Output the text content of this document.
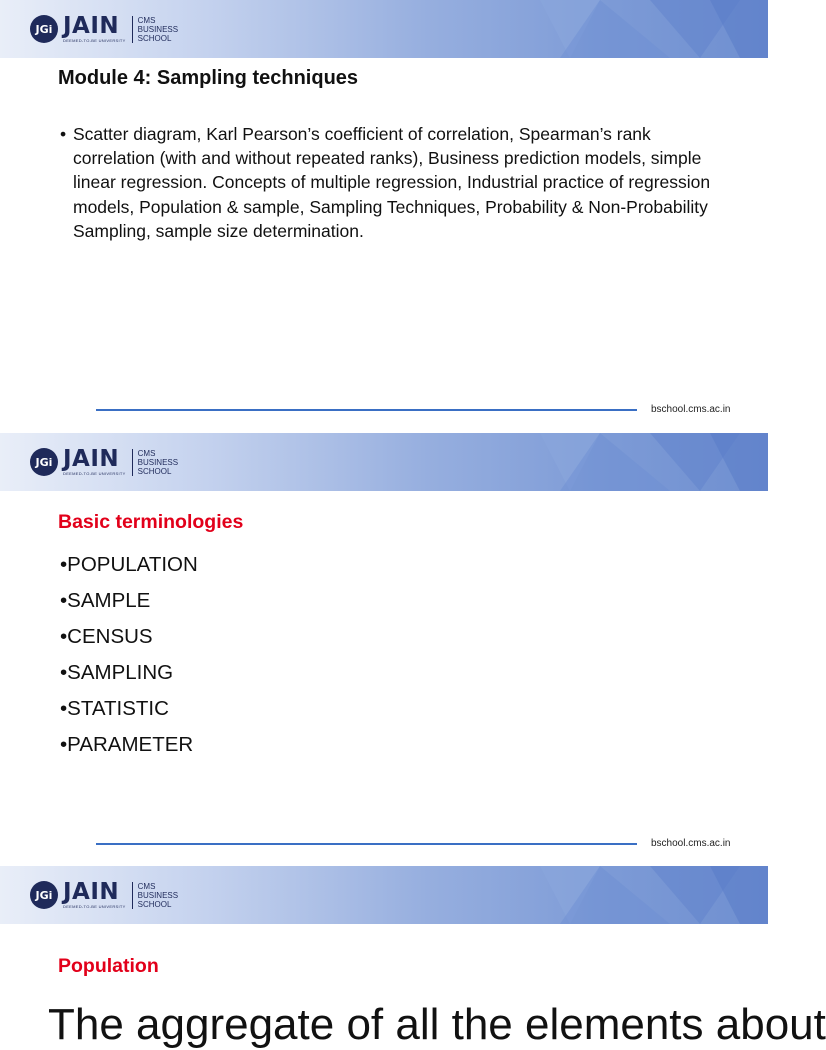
JGi JAIN
DEEMED-TO-BE UNIVERSITY
CMS
BUSINESS
SCHOOL
Module 4: Sampling techniques
• Scatter diagram, Karl Pearson’s coefficient of correlation, Spearman’s rank correlation (with and without repeated ranks), Business prediction models, simple linear regression. Concepts of multiple regression, Industrial practice of regression models, Population & sample, Sampling Techniques, Probability & Non-Probability Sampling, sample size determination.
bschool.cms.ac.in
JGi JAIN
DEEMED-TO-BE UNIVERSITY
CMS
BUSINESS
SCHOOL
Basic terminologies
•POPULATION
•SAMPLE
•CENSUS
•SAMPLING
•STATISTIC
•PARAMETER
bschool.cms.ac.in
JGi JAIN
DEEMED-TO-BE UNIVERSITY
CMS
BUSINESS
SCHOOL
Population
The aggregate of all the elements about
